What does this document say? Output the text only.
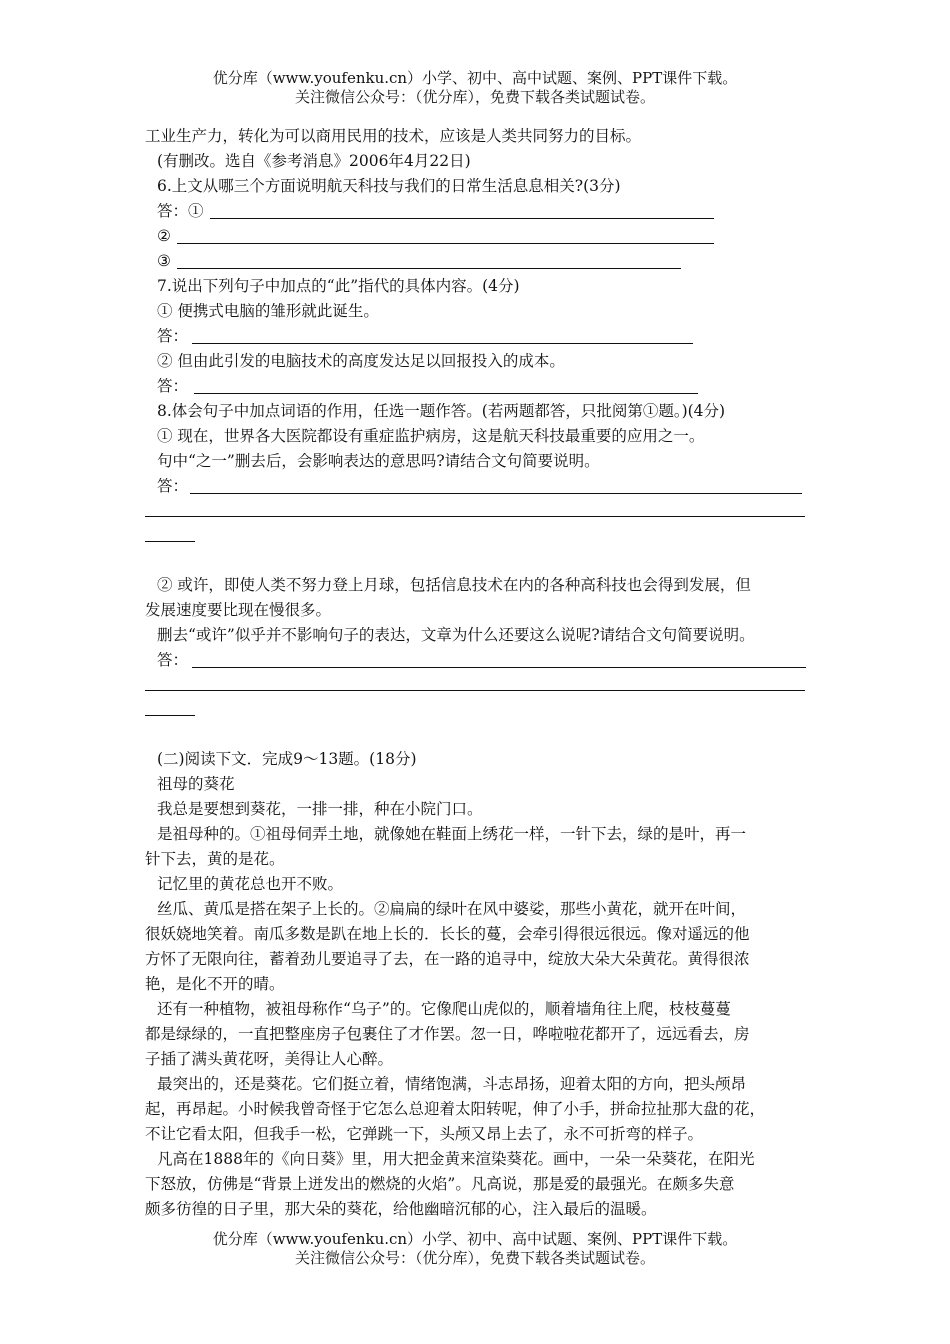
优分库（www.youfenku.cn）小学、初中、高中试题、案例、PPT课件下载。

关注微信公众号：（优分库），免费下载各类试题试卷。

工业生产力，转化为可以商用民用的技术，应该是人类共同努力的目标。

(有删改。选自《参考消息》2006年4月22日)

6.上文从哪三个方面说明航天科技与我们的日常生活息息相关?(3分)

答：①

②

③

7.说出下列句子中加点的“此”指代的具体内容。(4分)

① 便携式电脑的雏形就此诞生。

答：

② 但由此引发的电脑技术的高度发达足以回报投入的成本。

答：

8.体会句子中加点词语的作用，任选一题作答。(若两题都答，只批阅第①题。)(4分)

① 现在，世界各大医院都设有重症监护病房，这是航天科技最重要的应用之一。

句中“之一”删去后，会影响表达的意思吗?请结合文句简要说明。

答：

② 或许，即使人类不努力登上月球，包括信息技术在内的各种高科技也会得到发展，但

发展速度要比现在慢很多。

删去“或许”似乎并不影响句子的表达，文章为什么还要这么说呢?请结合文句简要说明。

答：

(二)阅读下文．完成9～13题。(18分)

祖母的葵花

我总是要想到葵花，一排一排，种在小院门口。

是祖母种的。①祖母伺弄土地，就像她在鞋面上绣花一样，一针下去，绿的是叶，再一

针下去，黄的是花。

记忆里的黄花总也开不败。

丝瓜、黄瓜是搭在架子上长的。②扁扁的绿叶在风中婆娑，那些小黄花，就开在叶间，

很妖娆地笑着。南瓜多数是趴在地上长的．长长的蔓，会牵引得很远很远。像对遥远的他

方怀了无限向往，蓄着劲儿要追寻了去，在一路的追寻中，绽放大朵大朵黄花。黄得很浓

艳，是化不开的晴。

还有一种植物，被祖母称作“乌子”的。它像爬山虎似的，顺着墙角往上爬，枝枝蔓蔓

都是绿绿的，一直把整座房子包裹住了才作罢。忽一日，哗啦啦花都开了，远远看去，房

子插了满头黄花呀，美得让人心醉。

最突出的，还是葵花。它们挺立着，情绪饱满，斗志昂扬，迎着太阳的方向，把头颅昂

起，再昂起。小时候我曾奇怪于它怎么总迎着太阳转呢，伸了小手，拼命拉扯那大盘的花，

不让它看太阳，但我手一松，它弹跳一下，头颅又昂上去了，永不可折弯的样子。

凡高在1888年的《向日葵》里，用大把金黄来渲染葵花。画中，一朵一朵葵花，在阳光

下怒放，仿佛是“背景上迸发出的燃烧的火焰”。凡高说，那是爱的最强光。在颇多失意

颇多彷徨的日子里，那大朵的葵花，给他幽暗沉郁的心，注入最后的温暖。

优分库（www.youfenku.cn）小学、初中、高中试题、案例、PPT课件下载。

关注微信公众号：（优分库），免费下载各类试题试卷。
